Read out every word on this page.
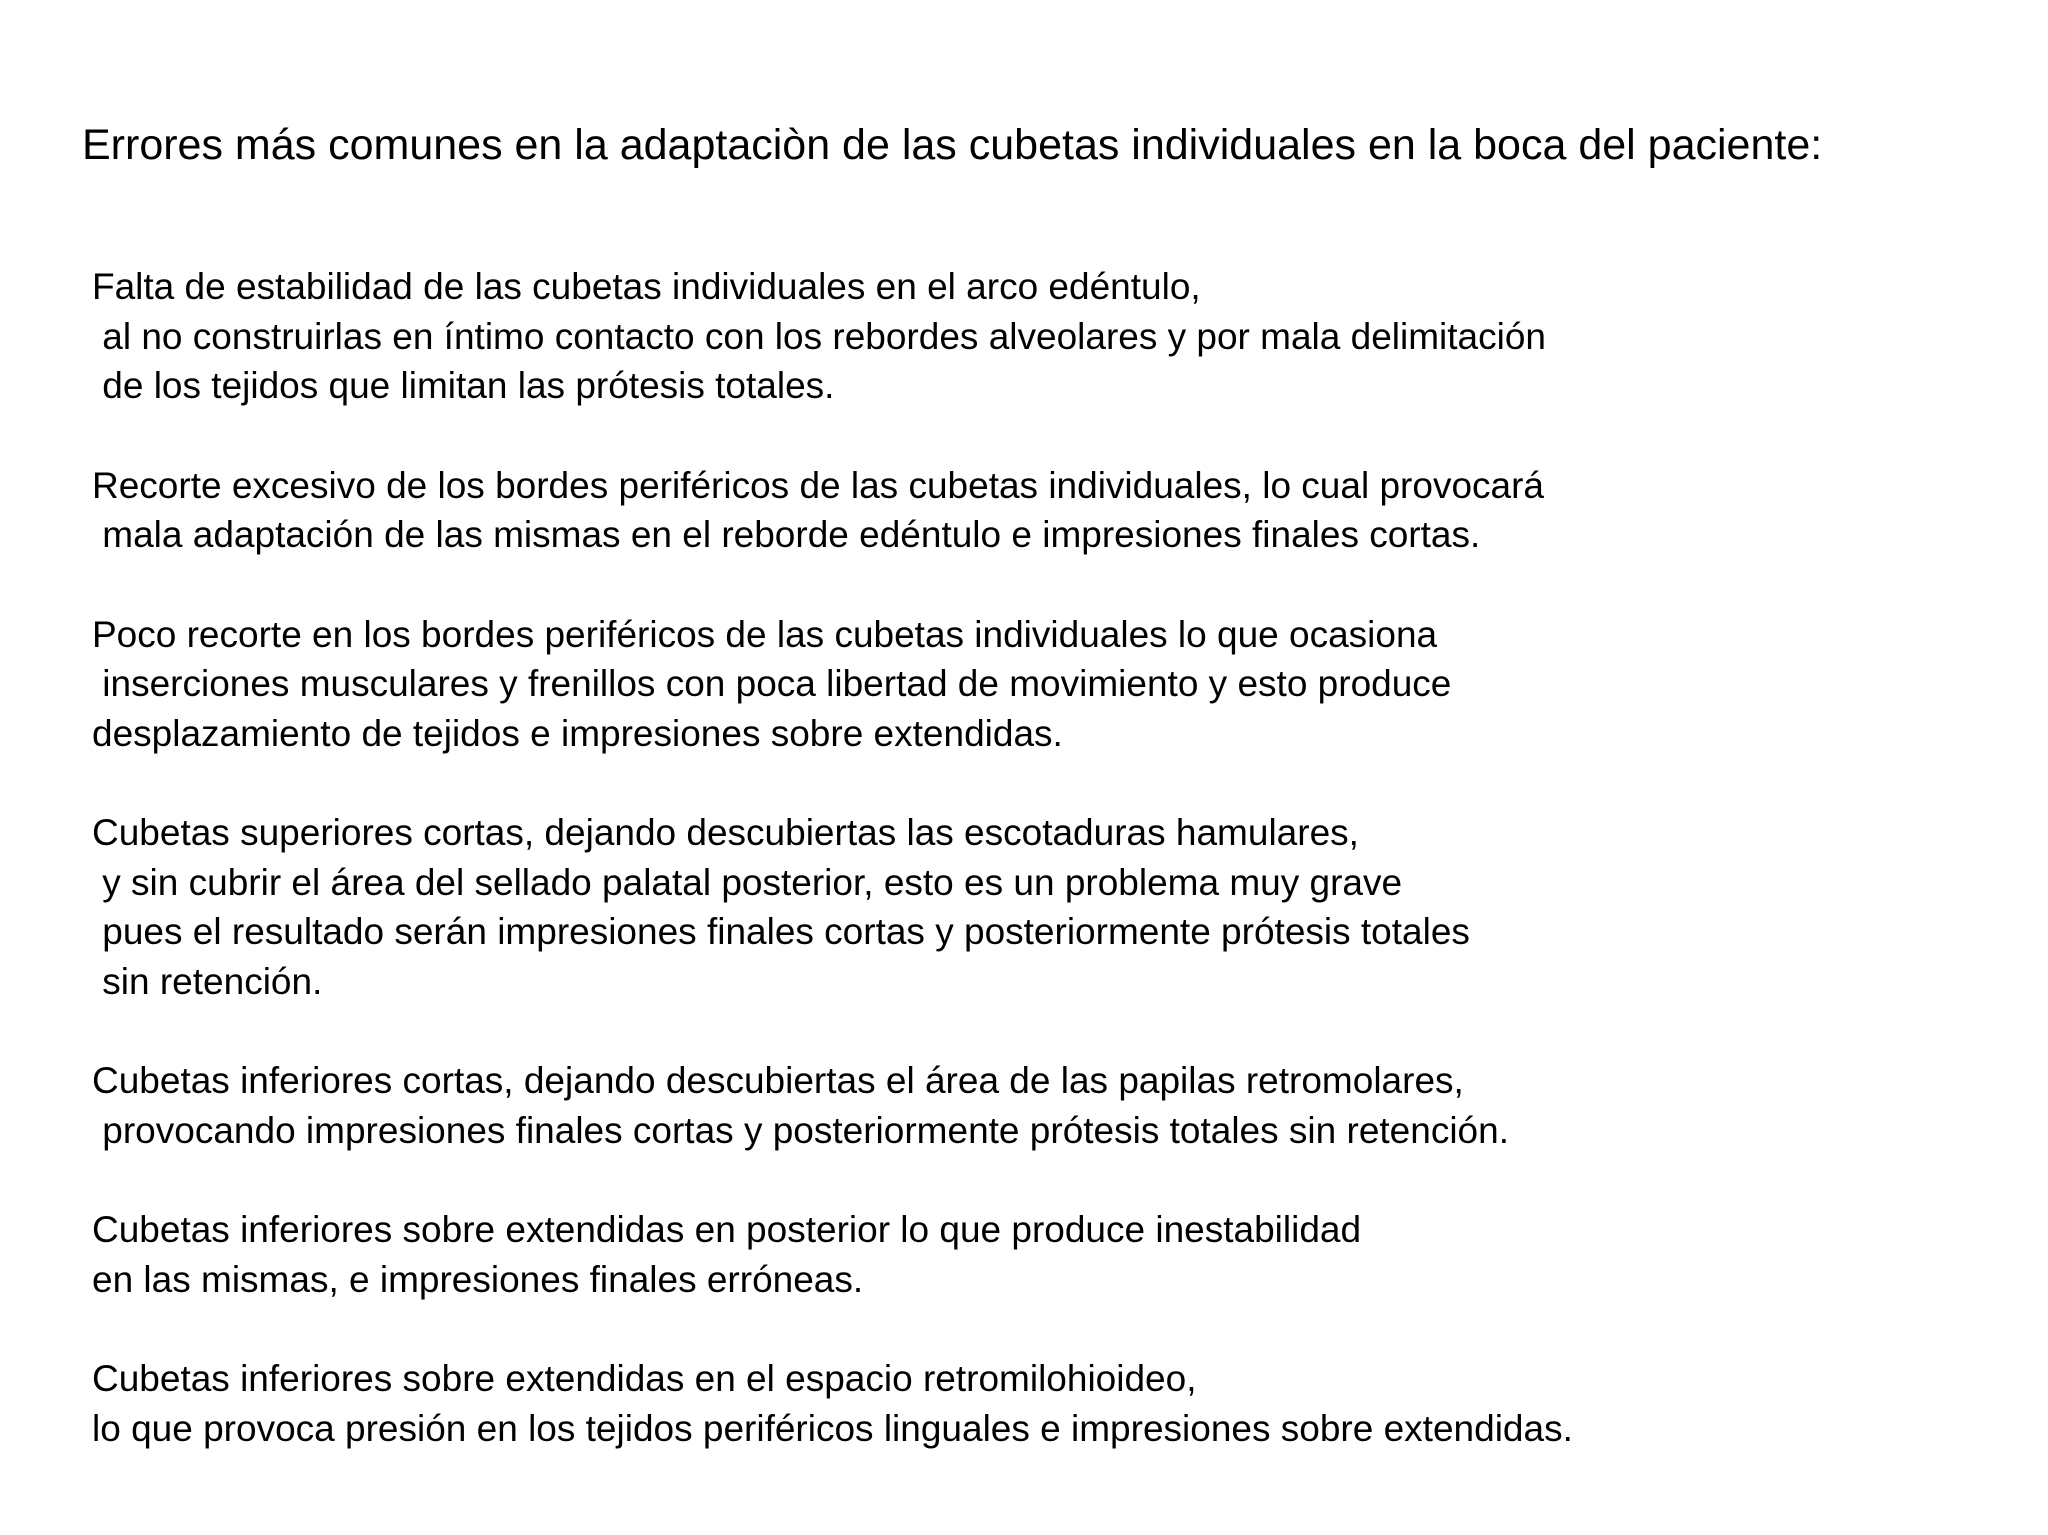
Errores más comunes en la adaptaciòn de las cubetas individuales en la boca del paciente:
Falta de estabilidad de las cubetas individuales en el arco edéntulo,
al no construirlas en íntimo contacto con los rebordes alveolares y por mala delimitación
de los tejidos que limitan las prótesis totales.
Recorte excesivo de los bordes periféricos de las cubetas individuales, lo cual provocará
mala adaptación de las mismas en el reborde edéntulo e impresiones finales cortas.
Poco recorte en los bordes periféricos de las cubetas individuales lo que ocasiona
inserciones musculares y frenillos con poca libertad de movimiento y esto produce
desplazamiento de tejidos e impresiones sobre extendidas.
Cubetas superiores cortas, dejando descubiertas las escotaduras hamulares,
y sin cubrir el área del sellado palatal posterior, esto es un problema muy grave
pues el resultado serán impresiones finales cortas y posteriormente prótesis totales
sin retención.
Cubetas inferiores cortas, dejando descubiertas el área de las papilas retromolares,
provocando impresiones finales cortas y posteriormente prótesis totales sin retención.
Cubetas inferiores sobre extendidas en posterior lo que produce inestabilidad
en las mismas, e impresiones finales erróneas.
Cubetas inferiores sobre extendidas en el espacio retromilohioideo,
lo que provoca presión en los tejidos periféricos linguales e impresiones sobre extendidas.
